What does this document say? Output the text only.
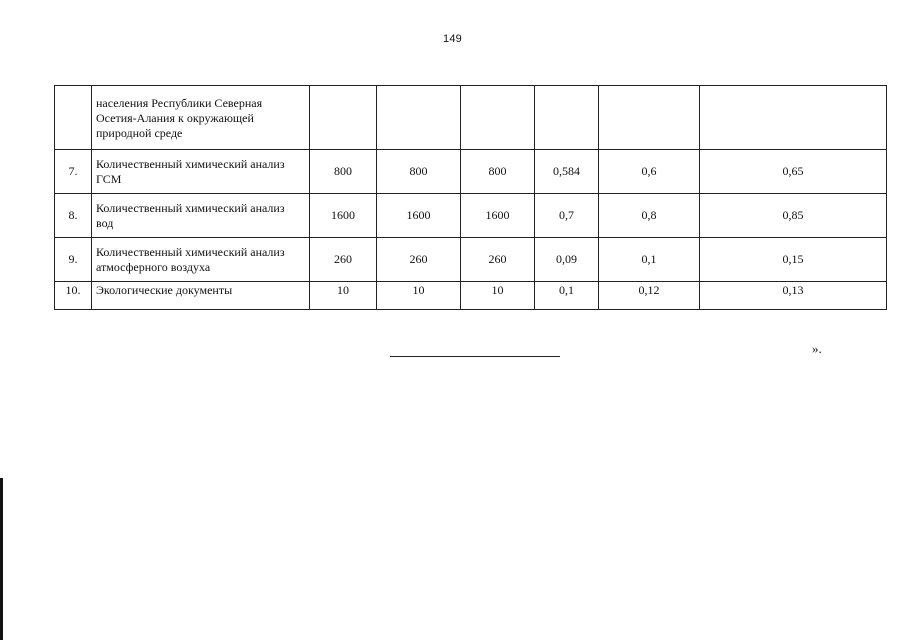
149

	населения Республики Северная
Осетия-Алания к окружающей
природной среде						

7.	Количественный химический анализ
ГСМ	800	800	800	0,584	0,6	0,65
8.	Количественный химический анализ
вод	1600	1600	1600	0,7	0,8	0,85
9.	Количественный химический анализ
атмосферного воздуха	260	260	260	0,09	0,1	0,15
10.	Экологические документы	10	10	10	0,1	0,12	0,13
».
